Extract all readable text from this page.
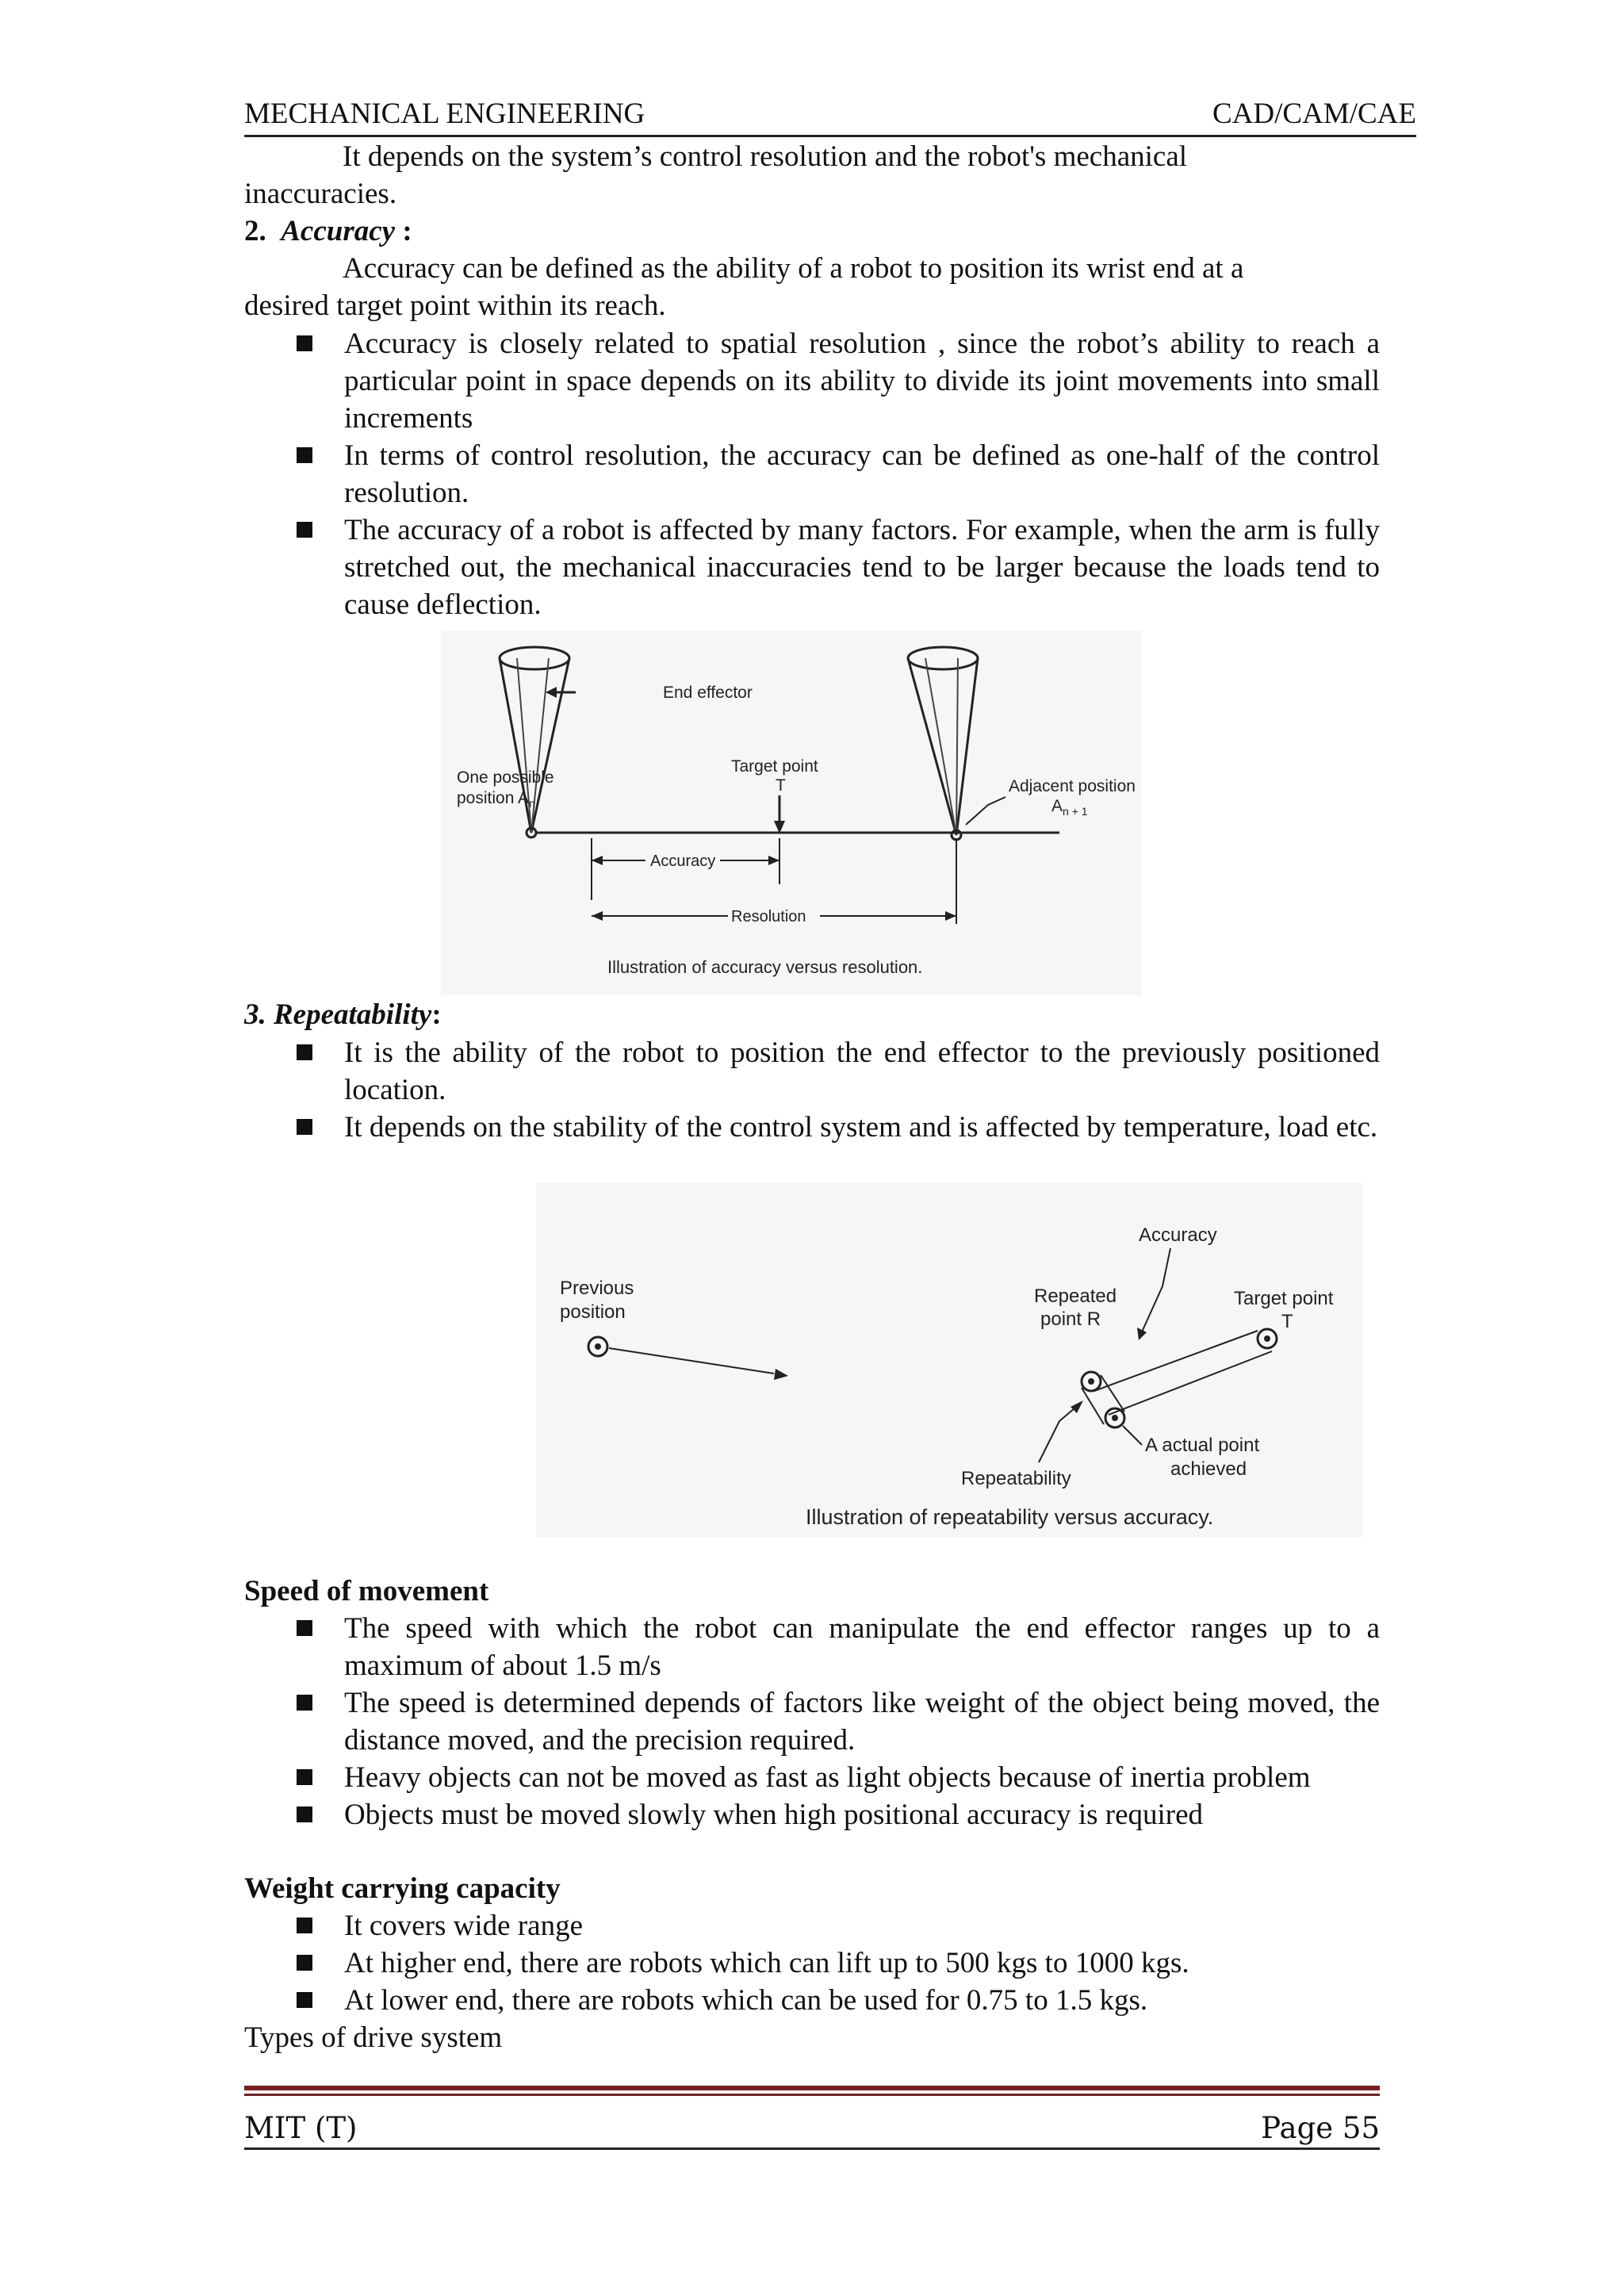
MECHANICAL ENGINEERING	CAD/CAM/CAE
It depends on the system’s control resolution and the robot's mechanical
inaccuracies.
2. Accuracy :
Accuracy can be defined as the ability of a robot to position its wrist end at a
desired target point within its reach.
Accuracy is closely related to spatial resolution , since the robot’s ability to reach a particular point in space depends on its ability to divide its joint movements into small increments
In terms of control resolution, the accuracy can be defined as one-half of the control resolution.
The accuracy of a robot is affected by many factors. For example, when the arm is fully stretched out, the mechanical inaccuracies tend to be larger because the loads tend to cause deflection.
End effector
Target point
T
One possible
position $A_n$
Adjacent position
$A_{n + 1}$
Accuracy
Resolution
Illustration of accuracy versus resolution.
3. Repeatability:
It is the ability of the robot to position the end effector to the previously positioned location.
It depends on the stability of the control system and is affected by temperature, load etc.
Previous
position
Accuracy
Repeated
point R
Target point
T
A actual point
achieved
Repeatability
Illustration of repeatability versus accuracy.
Speed of movement
The speed with which the robot can manipulate the end effector ranges up to a maximum of about 1.5 m/s
The speed is determined depends of factors like weight of the object being moved, the distance moved, and the precision required.
Heavy objects can not be moved as fast as light objects because of inertia problem
Objects must be moved slowly when high positional accuracy is required
Weight carrying capacity
It covers wide range
At higher end, there are robots which can lift up to 500 kgs to 1000 kgs.
At lower end, there are robots which can be used for 0.75 to 1.5 kgs.
Types of drive system
MIT (T)	Page 55
